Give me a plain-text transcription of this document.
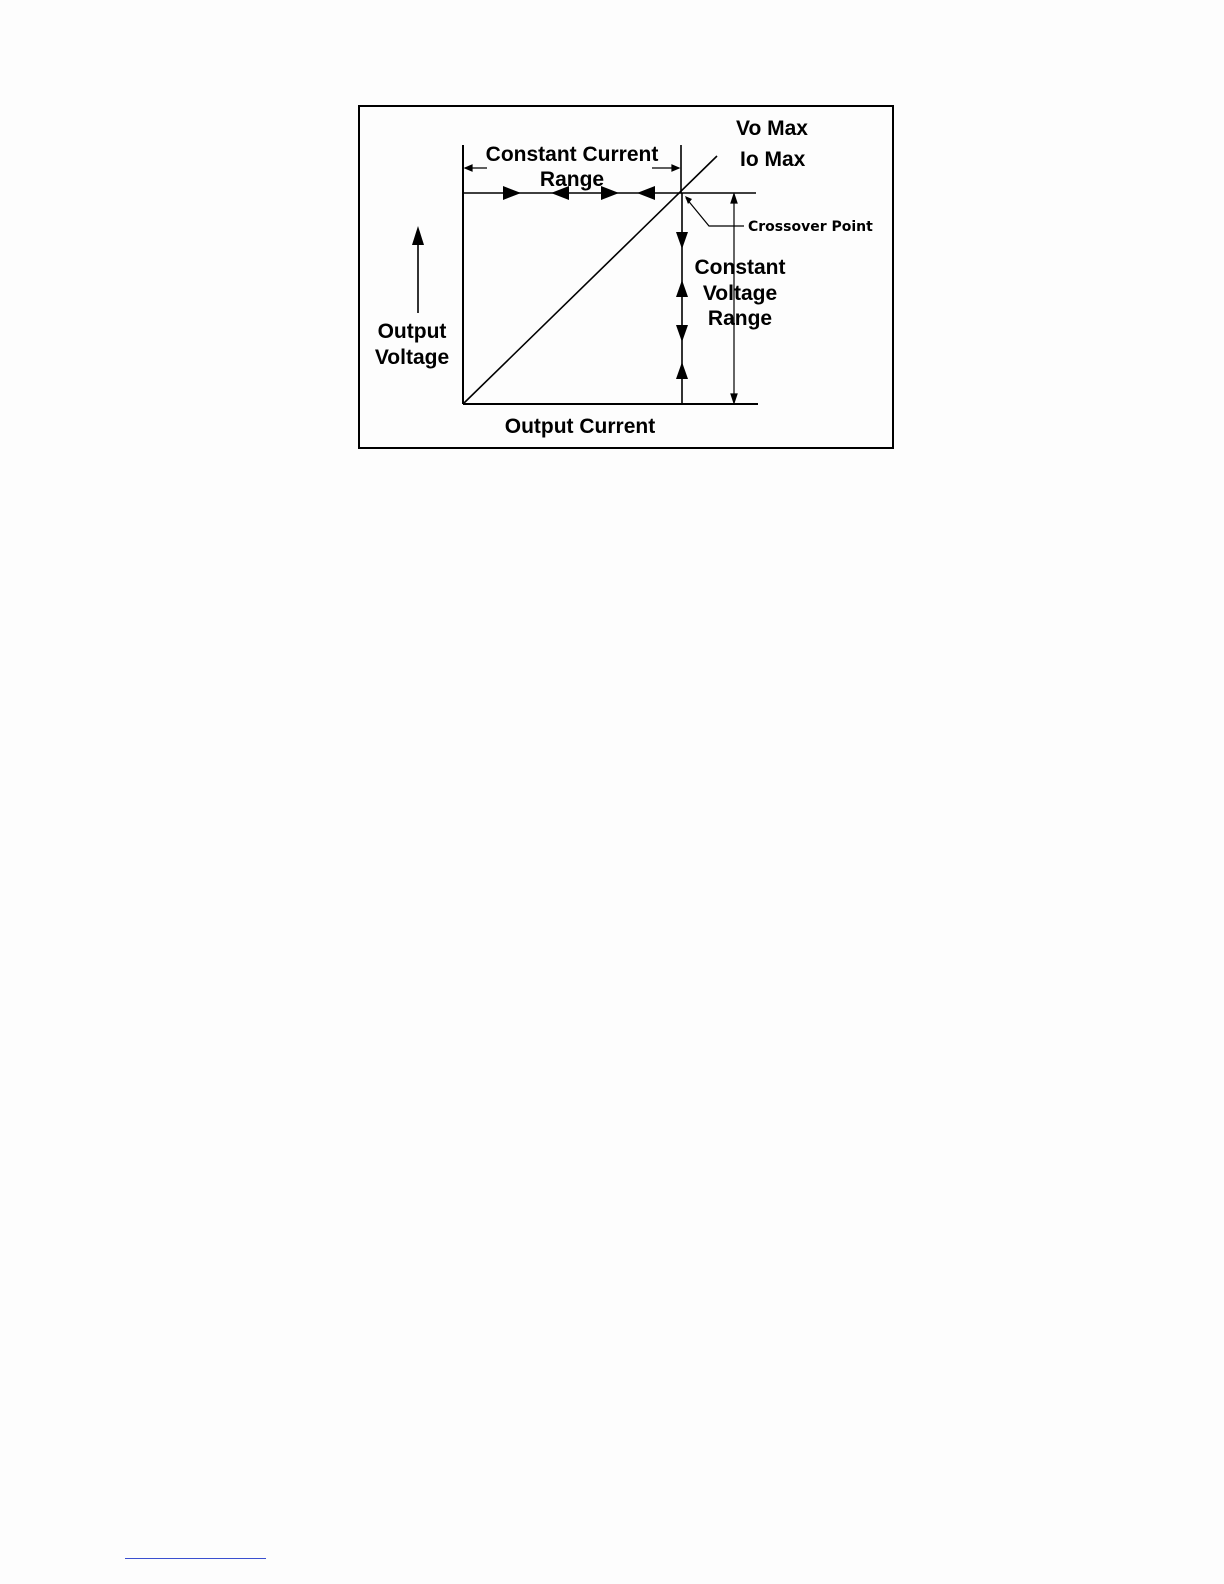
Vo Max
Io Max
Constant Current
Range
Crossover Point
Constant
Voltage
Range
Output
Voltage
Output Current
